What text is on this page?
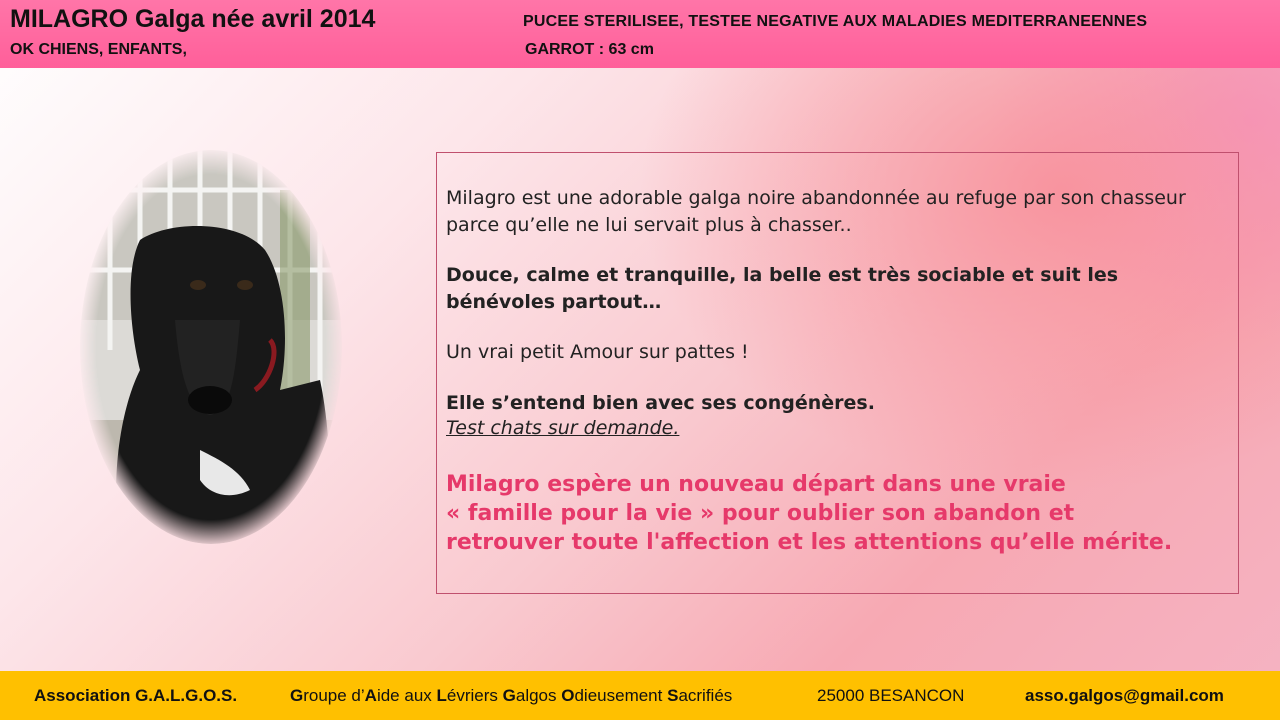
MILAGRO Galga née avril 2014
OK CHIENS, ENFANTS,
PUCEE STERILISEE, TESTEE NEGATIVE AUX MALADIES MEDITERRANEENNES
GARROT : 63 cm

Milagro est une adorable galga noire abandonnée au refuge par son chasseur parce qu’elle ne lui servait plus à chasser..

Douce, calme et tranquille, la belle est très sociable et suit les bénévoles partout…

Un vrai petit Amour sur pattes !

Elle s’entend bien avec ses congénères.

Test chats sur demande.

Milagro espère un nouveau départ dans une vraie
« famille pour la vie » pour oublier son abandon et
retrouver toute l'affection et les attentions qu’elle mérite.

Association G.A.L.G.O.S.	Groupe d’Aide aux Lévriers Galgos Odieusement Sacrifiés	25000 BESANCON	asso.galgos@gmail.com
